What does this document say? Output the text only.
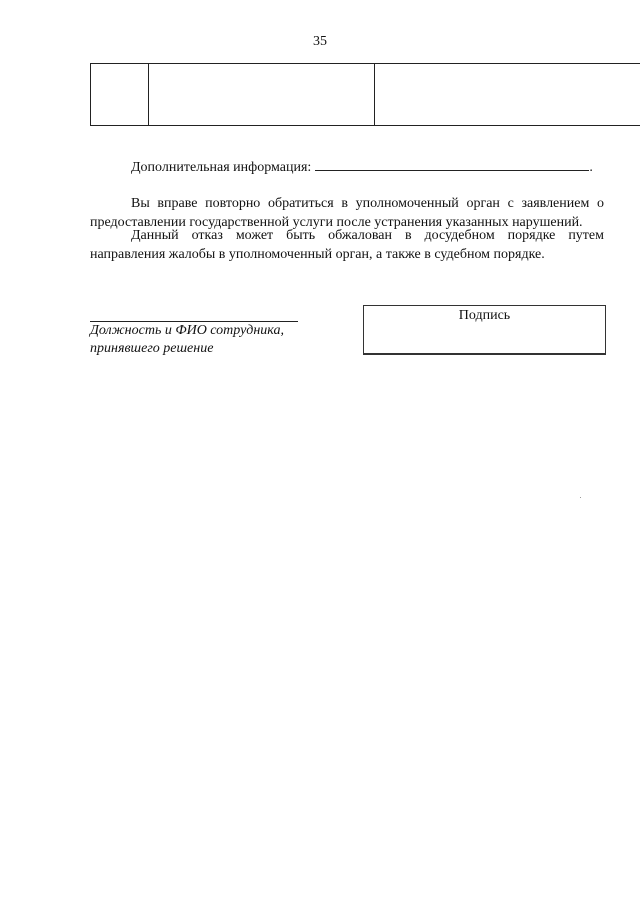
35
Дополнительная информация:	.
Вы вправе повторно обратиться в уполномоченный орган с заявлением о
предоставлении государственной услуги после устранения указанных нарушений.
Данный отказ может быть обжалован в досудебном порядке путем
направления жалобы в уполномоченный орган, а также в судебном порядке.
Должность и ФИО сотрудника,
принявшего решение
Подпись
